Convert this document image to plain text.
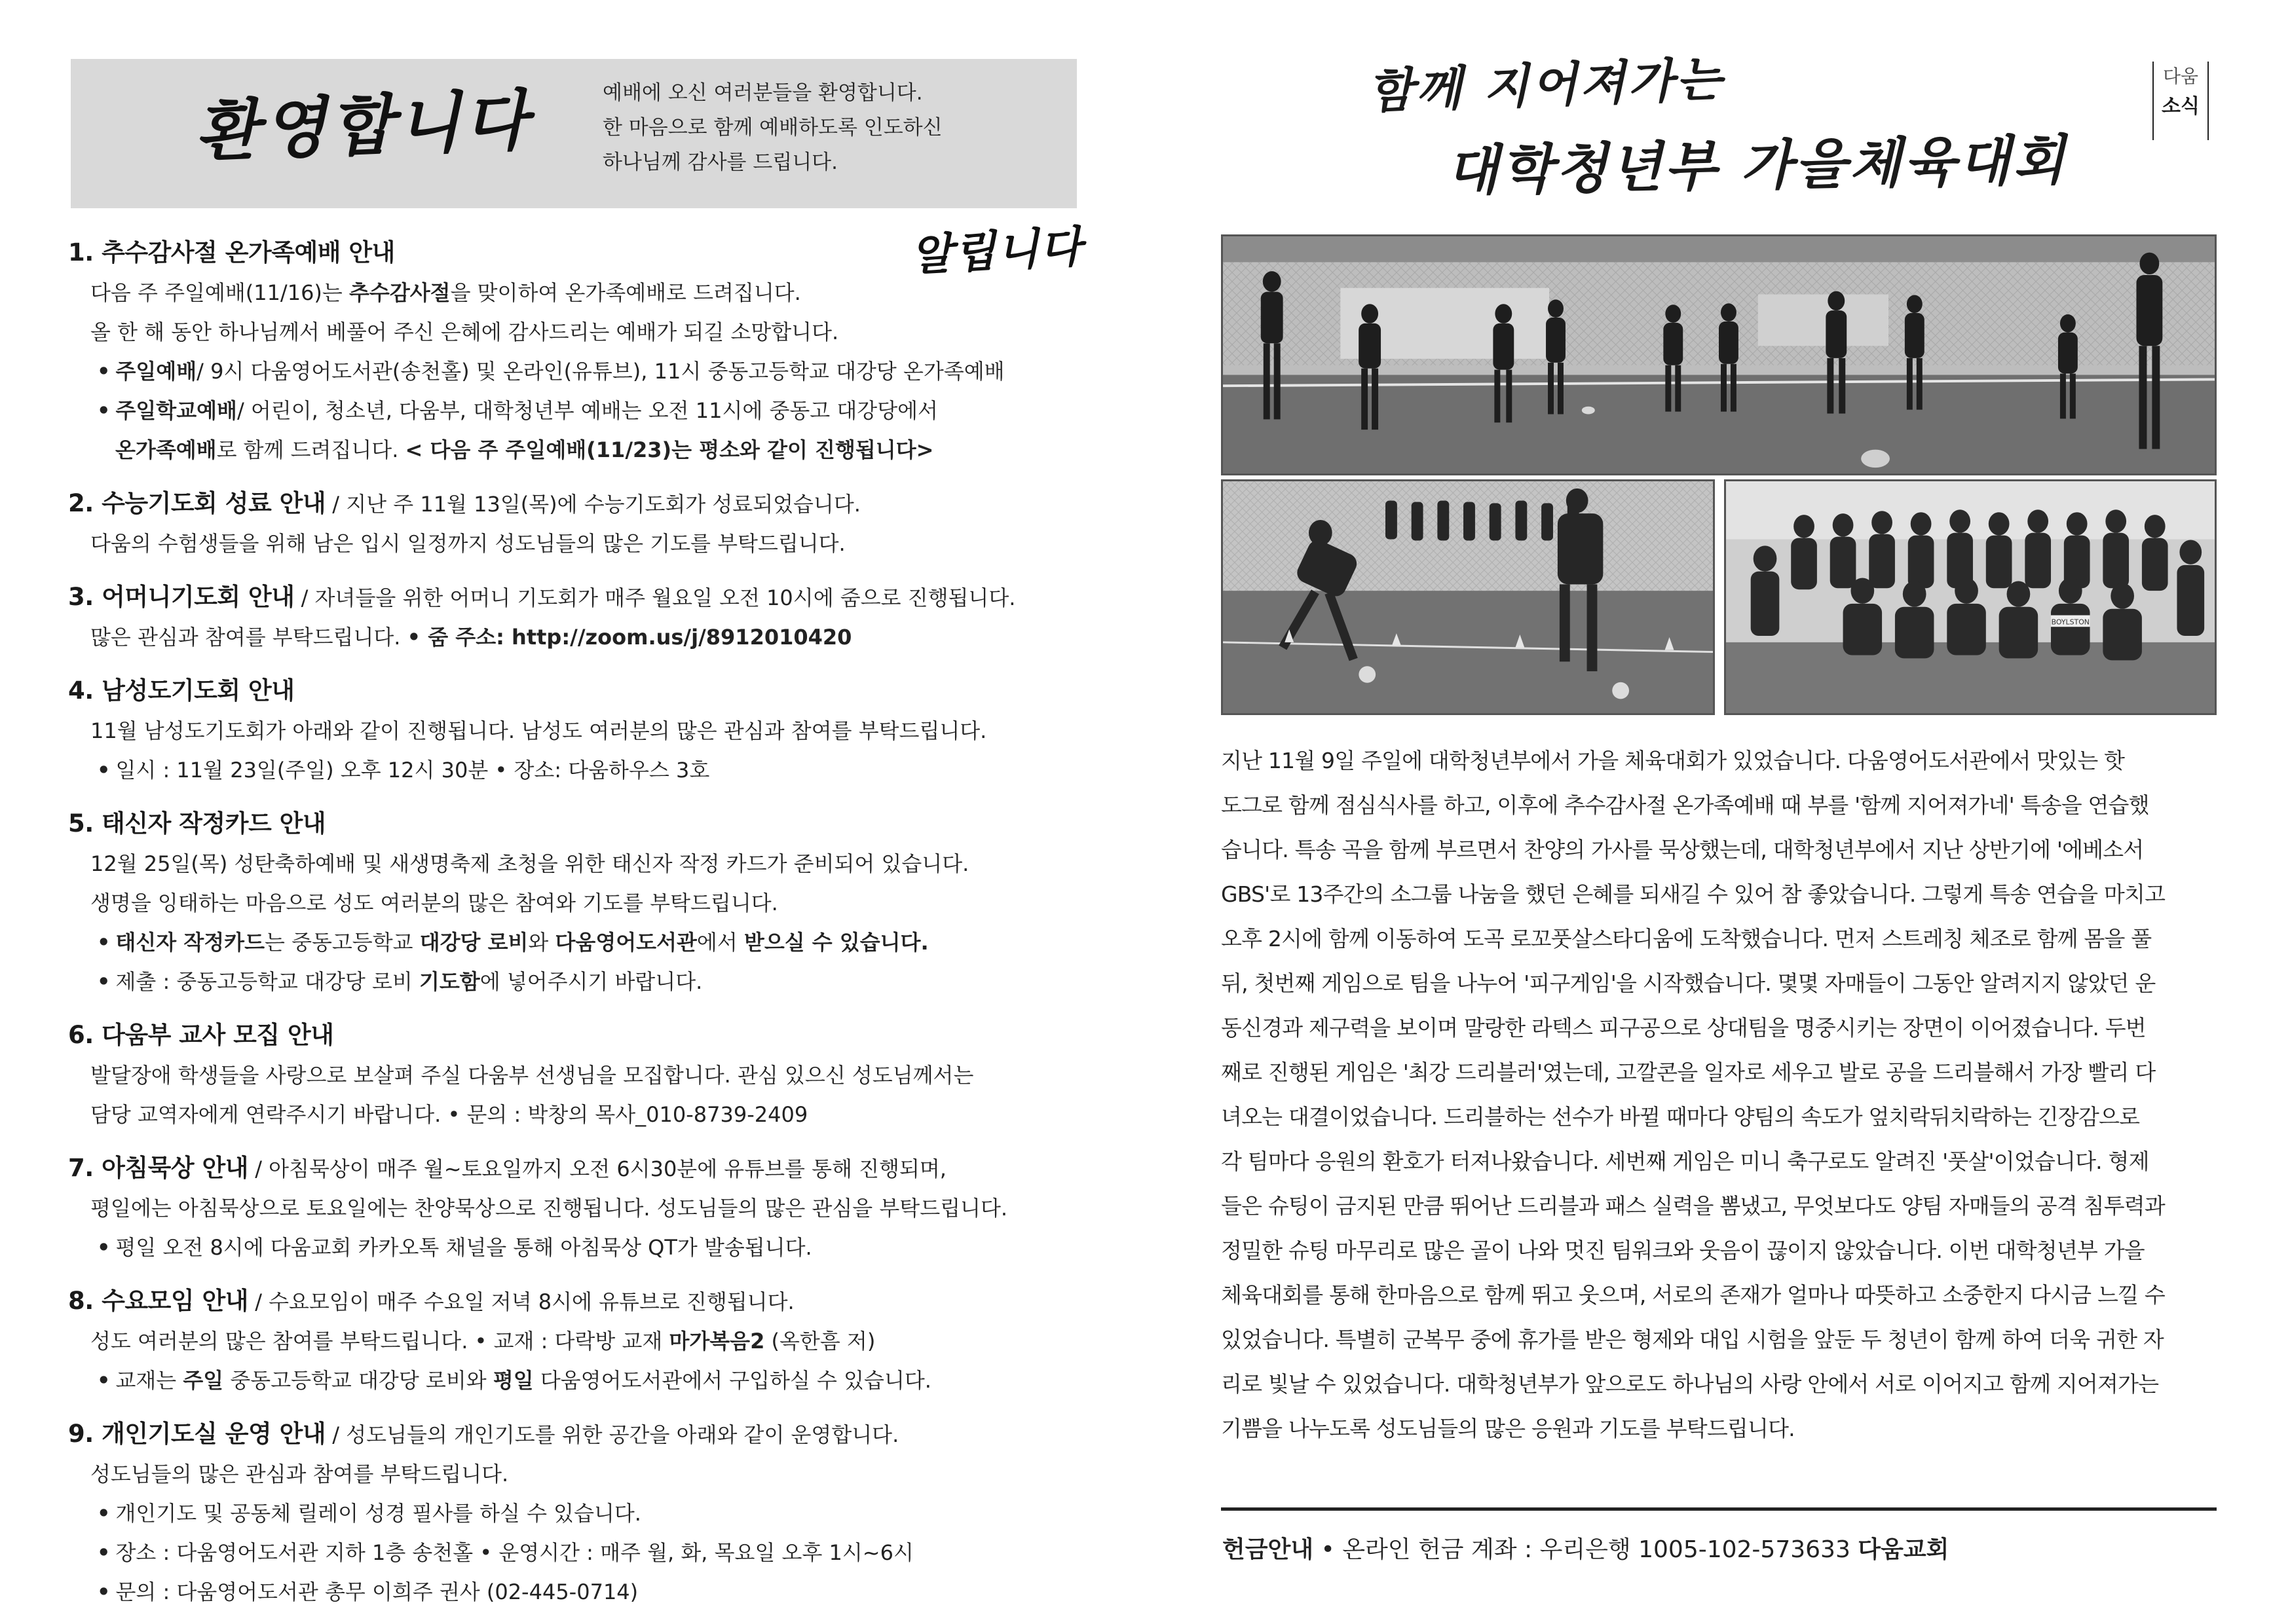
환영합니다	예배에 오신 여러분들을 환영합니다.
한 마음으로 함께 예배하도록 인도하신
하나님께 감사를 드립니다.
알립니다
1. 추수감사절 온가족예배 안내
다음 주 주일예배(11/16)는 추수감사절을 맞이하여 온가족예배로 드려집니다.
올 한 해 동안 하나님께서 베풀어 주신 은혜에 감사드리는 예배가 되길 소망합니다.
• 주일예배/ 9시 다움영어도서관(송천홀) 및 온라인(유튜브), 11시 중동고등학교 대강당 온가족예배
• 주일학교예배/ 어린이, 청소년, 다움부, 대학청년부 예배는 오전 11시에 중동고 대강당에서
온가족예배로 함께 드려집니다. < 다음 주 주일예배(11/23)는 평소와 같이 진행됩니다>
2. 수능기도회 성료 안내 / 지난 주 11월 13일(목)에 수능기도회가 성료되었습니다.
다움의 수험생들을 위해 남은 입시 일정까지 성도님들의 많은 기도를 부탁드립니다.
3. 어머니기도회 안내 / 자녀들을 위한 어머니 기도회가 매주 월요일 오전 10시에 줌으로 진행됩니다.
많은 관심과 참여를 부탁드립니다. • 줌 주소: http://zoom.us/j/8912010420
4. 남성도기도회 안내
11월 남성도기도회가 아래와 같이 진행됩니다. 남성도 여러분의 많은 관심과 참여를 부탁드립니다.
• 일시 : 11월 23일(주일) 오후 12시 30분 • 장소: 다움하우스 3호
5. 태신자 작정카드 안내
12월 25일(목) 성탄축하예배 및 새생명축제 초청을 위한 태신자 작정 카드가 준비되어 있습니다.
생명을 잉태하는 마음으로 성도 여러분의 많은 참여와 기도를 부탁드립니다.
• 태신자 작정카드는 중동고등학교 대강당 로비와 다움영어도서관에서 받으실 수 있습니다.
• 제출 : 중동고등학교 대강당 로비 기도함에 넣어주시기 바랍니다.
6. 다움부 교사 모집 안내
발달장애 학생들을 사랑으로 보살펴 주실 다움부 선생님을 모집합니다. 관심 있으신 성도님께서는
담당 교역자에게 연락주시기 바랍니다. • 문의 : 박창의 목사_010-8739-2409
7. 아침묵상 안내 / 아침묵상이 매주 월~토요일까지 오전 6시30분에 유튜브를 통해 진행되며,
평일에는 아침묵상으로 토요일에는 찬양묵상으로 진행됩니다. 성도님들의 많은 관심을 부탁드립니다.
• 평일 오전 8시에 다움교회 카카오톡 채널을 통해 아침묵상 QT가 발송됩니다.
8. 수요모임 안내 / 수요모임이 매주 수요일 저녁 8시에 유튜브로 진행됩니다.
성도 여러분의 많은 참여를 부탁드립니다. • 교재 : 다락방 교재 마가복음2 (옥한흠 저)
• 교재는 주일 중동고등학교 대강당 로비와 평일 다움영어도서관에서 구입하실 수 있습니다.
9. 개인기도실 운영 안내 / 성도님들의 개인기도를 위한 공간을 아래와 같이 운영합니다.
성도님들의 많은 관심과 참여를 부탁드립니다.
• 개인기도 및 공동체 릴레이 성경 필사를 하실 수 있습니다.
• 장소 : 다움영어도서관 지하 1층 송천홀 • 운영시간 : 매주 월, 화, 목요일 오후 1시~6시
• 문의 : 다움영어도서관 총무 이희주 권사 (02-445-0714)
함께 지어져가는
대학청년부 가을체육대회
다움
소식
BOYLSTON
지난 11월 9일 주일에 대학청년부에서 가을 체육대회가 있었습니다. 다움영어도서관에서 맛있는 핫
도그로 함께 점심식사를 하고, 이후에 추수감사절 온가족예배 때 부를 '함께 지어져가네' 특송을 연습했
습니다. 특송 곡을 함께 부르면서 찬양의 가사를 묵상했는데, 대학청년부에서 지난 상반기에 '에베소서
GBS'로 13주간의 소그룹 나눔을 했던 은혜를 되새길 수 있어 참 좋았습니다. 그렇게 특송 연습을 마치고
오후 2시에 함께 이동하여 도곡 로꼬풋살스타디움에 도착했습니다. 먼저 스트레칭 체조로 함께 몸을 풀
뒤, 첫번째 게임으로 팀을 나누어 '피구게임'을 시작했습니다. 몇몇 자매들이 그동안 알려지지 않았던 운
동신경과 제구력을 보이며 말랑한 라텍스 피구공으로 상대팀을 명중시키는 장면이 이어졌습니다. 두번
째로 진행된 게임은 '최강 드리블러'였는데, 고깔콘을 일자로 세우고 발로 공을 드리블해서 가장 빨리 다
녀오는 대결이었습니다. 드리블하는 선수가 바뀔 때마다 양팀의 속도가 엎치락뒤치락하는 긴장감으로
각 팀마다 응원의 환호가 터져나왔습니다. 세번째 게임은 미니 축구로도 알려진 '풋살'이었습니다. 형제
들은 슈팅이 금지된 만큼 뛰어난 드리블과 패스 실력을 뽐냈고, 무엇보다도 양팀 자매들의 공격 침투력과
정밀한 슈팅 마무리로 많은 골이 나와 멋진 팀워크와 웃음이 끊이지 않았습니다. 이번 대학청년부 가을
체육대회를 통해 한마음으로 함께 뛰고 웃으며, 서로의 존재가 얼마나 따뜻하고 소중한지 다시금 느낄 수
있었습니다. 특별히 군복무 중에 휴가를 받은 형제와 대입 시험을 앞둔 두 청년이 함께 하여 더욱 귀한 자
리로 빛날 수 있었습니다. 대학청년부가 앞으로도 하나님의 사랑 안에서 서로 이어지고 함께 지어져가는
기쁨을 나누도록 성도님들의 많은 응원과 기도를 부탁드립니다.
헌금안내 • 온라인 헌금 계좌 : 우리은행 1005-102-573633 다움교회
